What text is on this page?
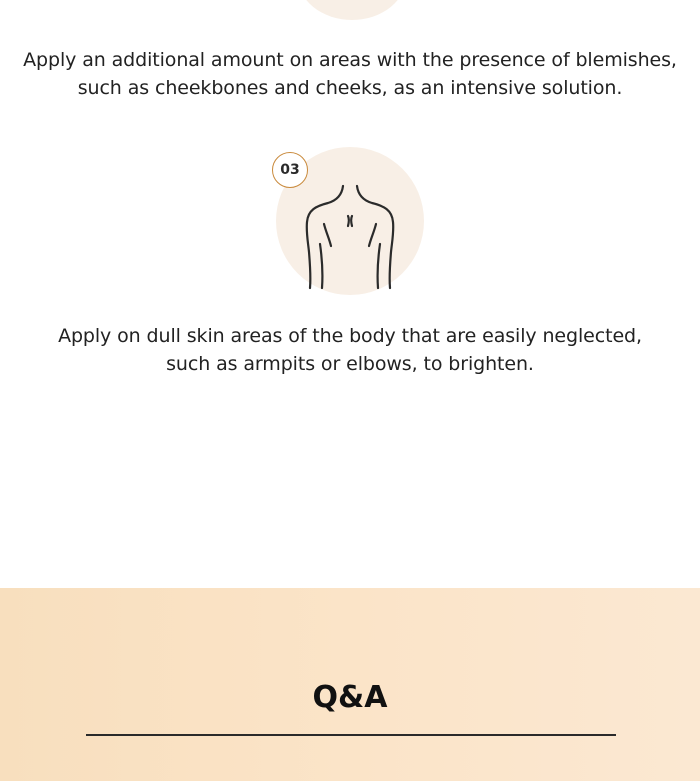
Apply an additional amount on areas with the presence of blemishes,
such as cheekbones and cheeks, as an intensive solution.
03
Apply on dull skin areas of the body that are easily neglected,
such as armpits or elbows, to brighten.
Q&A
